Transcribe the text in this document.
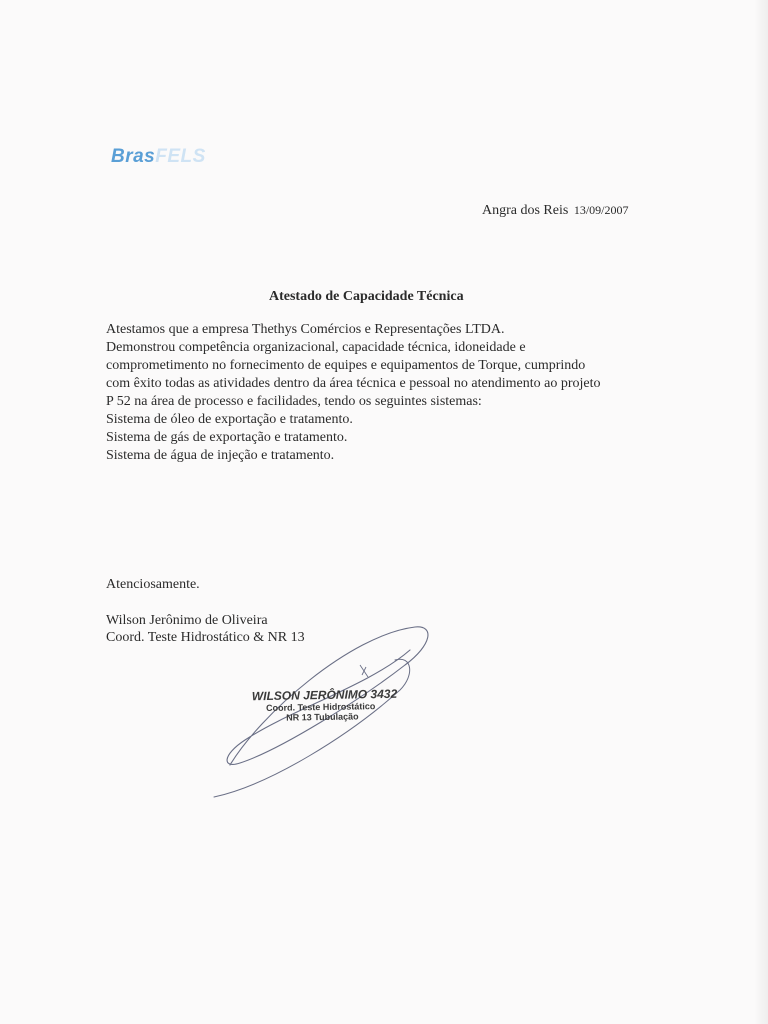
BrasFELS
Angra dos Reis 13/09/2007
Atestado de Capacidade Técnica

Atestamos que a empresa Thethys Comércios e Representações LTDA.

Demonstrou competência organizacional, capacidade técnica, idoneidade e

comprometimento no fornecimento de equipes e equipamentos de Torque, cumprindo

com êxito todas as atividades dentro da área técnica e pessoal no atendimento ao projeto

P 52 na área de processo e facilidades, tendo os seguintes sistemas:

Sistema de óleo de exportação e tratamento.

Sistema de gás de exportação e tratamento.

Sistema de água de injeção e tratamento.

Atenciosamente.
Wilson Jerônimo de Oliveira
Coord. Teste Hidrostático & NR 13
WILSON JERÔNIMO 3432
Coord. Teste Hidrostático
NR 13 Tubulação
